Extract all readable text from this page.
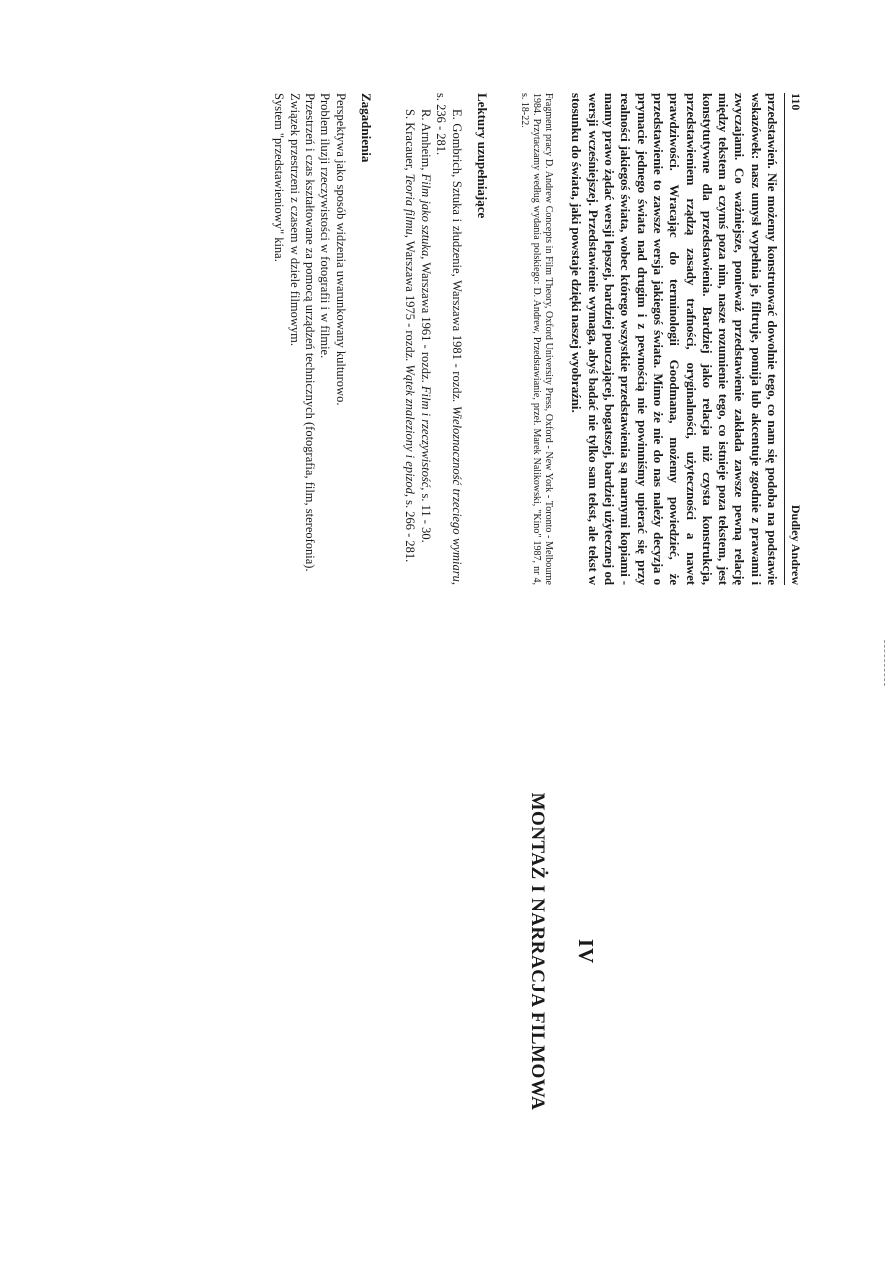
110
Dudley Andrew

przedstawień. Nie możemy konstruować dowolnie tego, co nam się podoba na podstawie wskazówek: nasz umysł wypełnia je, filtruje, pomija lub akcentuje zgodnie z prawami i zwyczajami. Co ważniejsze, ponieważ przedstawienie zakłada zawsze pewną relację między tekstem a czymś poza nim, nasze rozumienie tego, co istnieje poza tekstem, jest konstytutywne dla przedstawienia. Bardziej jako relacja niż czysta konstrukcja, przedstawieniem rządzą zasady trafności, oryginalności, użyteczności a nawet prawdziwości. Wracając do terminologii Goodmana, możemy powiedzieć, że przedstawienie to zawsze wersja jakiegoś świata. Mimo że nie do nas należy decyzja o prymacie jednego świata nad drugim i z pewnością nie powinniśmy upierać się przy realności jakiegoś świata, wobec którego wszystkie przedstawienia są marnymi kopiami - mamy prawo żądać wersji lepszej, bardziej pouczającej, bogatszej, bardziej użytecznej od wersji wcześniejszej. Przedstawienie wymaga, abyś badać nie tylko sam tekst, ale tekst w stosunku do świata, jaki powstaje dzięki naszej wyobraźni.

Fragment pracy D. Andrew Concepts in Film Theory, Oxford University Press, Oxford - New York - Toronto - Melbourne 1984. Przytaczamy według wydania polskiego: D. Andrew, Przedstawianie, przeł. Marek Nalikowski, "Kino" 1987, nr 4, s. 18-22.

Lektury uzupełniające

E. Gombrich, Sztuka i złudzenie, Warszawa 1981 - rozdz. Wieloznaczność trzeciego wymiaru, s. 236 - 281.

R. Arnheim, Film jako sztuka, Warszawa 1961 - rozdz. Film i rzeczywistość, s. 11 - 30.

S. Kracauer, Teoria filmu, Warszawa 1975 - rozdz. Wątek znaleziony i epizod, s. 266 - 281.

Zagadnienia

Perspektywa jako sposób widzenia uwarunkowany kulturowo.

Problem iluzji rzeczywistości w fotografii i w filmie.

Przestrzeń i czas kształtowane za pomocą urządzeń technicznych (fotografia, film, stereofonia).

Związek przestrzeni z czasem w dziele filmowym.

System "przedstawieniowy" kina.

IV
MONTAŻ I NARRACJA FILMOWA
